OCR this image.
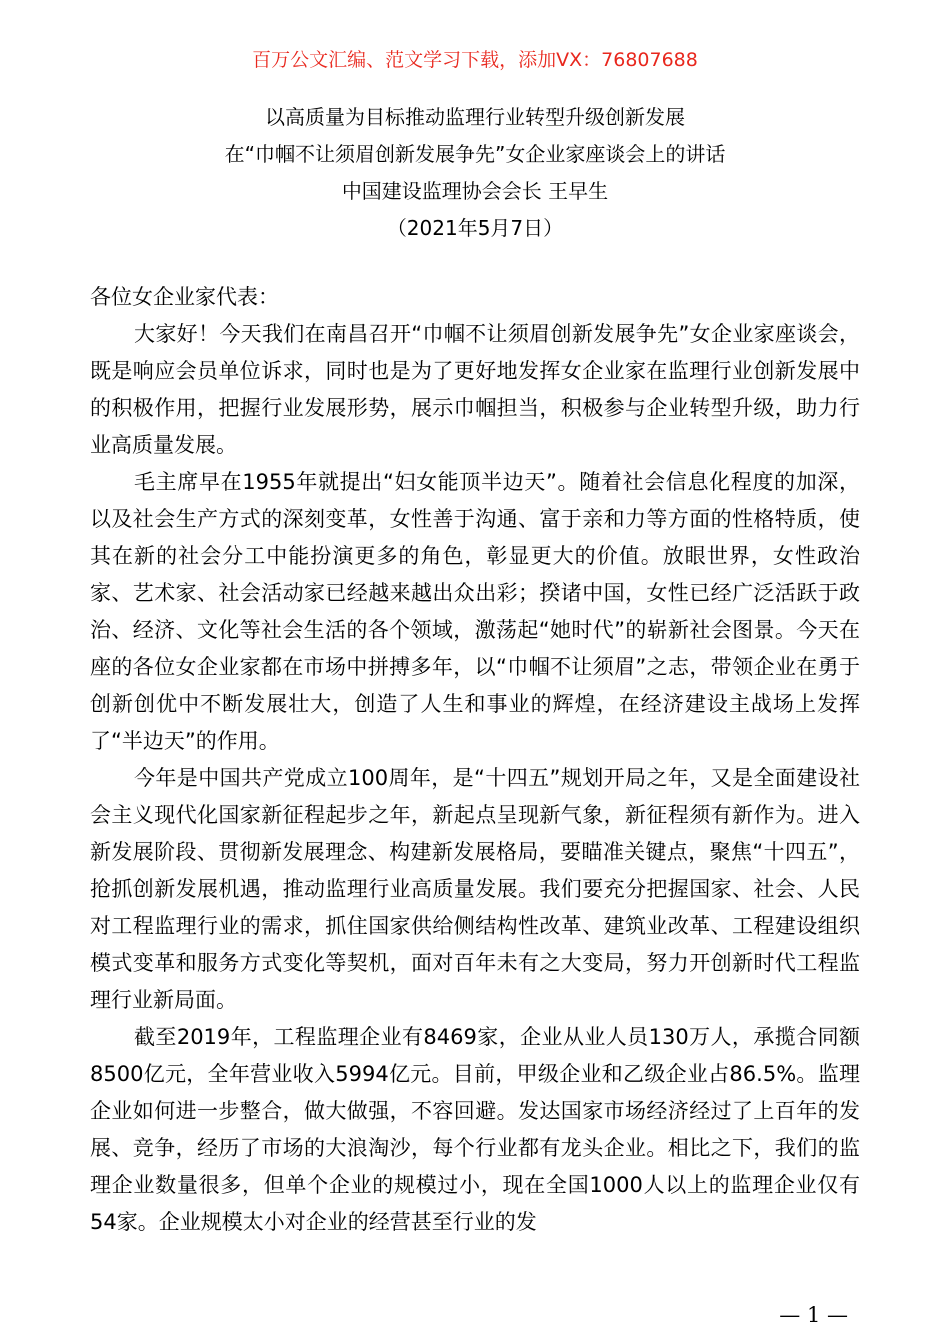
百万公文汇编、范文学习下载，添加VX：76807688
以高质量为目标推动监理行业转型升级创新发展
在“巾帼不让须眉创新发展争先”女企业家座谈会上的讲话
中国建设监理协会会长 王早生
（2021年5月7日）
各位女企业家代表：

大家好！今天我们在南昌召开“巾帼不让须眉创新发展争先”女企业家座谈会，既是响应会员单位诉求，同时也是为了更好地发挥女企业家在监理行业创新发展中的积极作用，把握行业发展形势，展示巾帼担当，积极参与企业转型升级，助力行业高质量发展。

毛主席早在1955年就提出“妇女能顶半边天”。随着社会信息化程度的加深，以及社会生产方式的深刻变革，女性善于沟通、富于亲和力等方面的性格特质，使其在新的社会分工中能扮演更多的角色，彰显更大的价值。放眼世界，女性政治家、艺术家、社会活动家已经越来越出众出彩；揆诸中国，女性已经广泛活跃于政治、经济、文化等社会生活的各个领域，激荡起“她时代”的崭新社会图景。今天在座的各位女企业家都在市场中拼搏多年，以“巾帼不让须眉”之志，带领企业在勇于创新创优中不断发展壮大，创造了人生和事业的辉煌，在经济建设主战场上发挥了“半边天”的作用。

今年是中国共产党成立100周年，是“十四五”规划开局之年，又是全面建设社会主义现代化国家新征程起步之年，新起点呈现新气象，新征程须有新作为。进入新发展阶段、贯彻新发展理念、构建新发展格局，要瞄准关键点，聚焦“十四五”，抢抓创新发展机遇，推动监理行业高质量发展。我们要充分把握国家、社会、人民对工程监理行业的需求，抓住国家供给侧结构性改革、建筑业改革、工程建设组织模式变革和服务方式变化等契机，面对百年未有之大变局，努力开创新时代工程监理行业新局面。

截至2019年，工程监理企业有8469家，企业从业人员130万人，承揽合同额8500亿元，全年营业收入5994亿元。目前，甲级企业和乙级企业占86.5%。监理企业如何进一步整合，做大做强，不容回避。发达国家市场经济经过了上百年的发展、竞争，经历了市场的大浪淘沙，每个行业都有龙头企业。相比之下，我们的监理企业数量很多，但单个企业的规模过小，现在全国1000人以上的监理企业仅有54家。企业规模太小对企业的经营甚至行业的发

— 1 —
